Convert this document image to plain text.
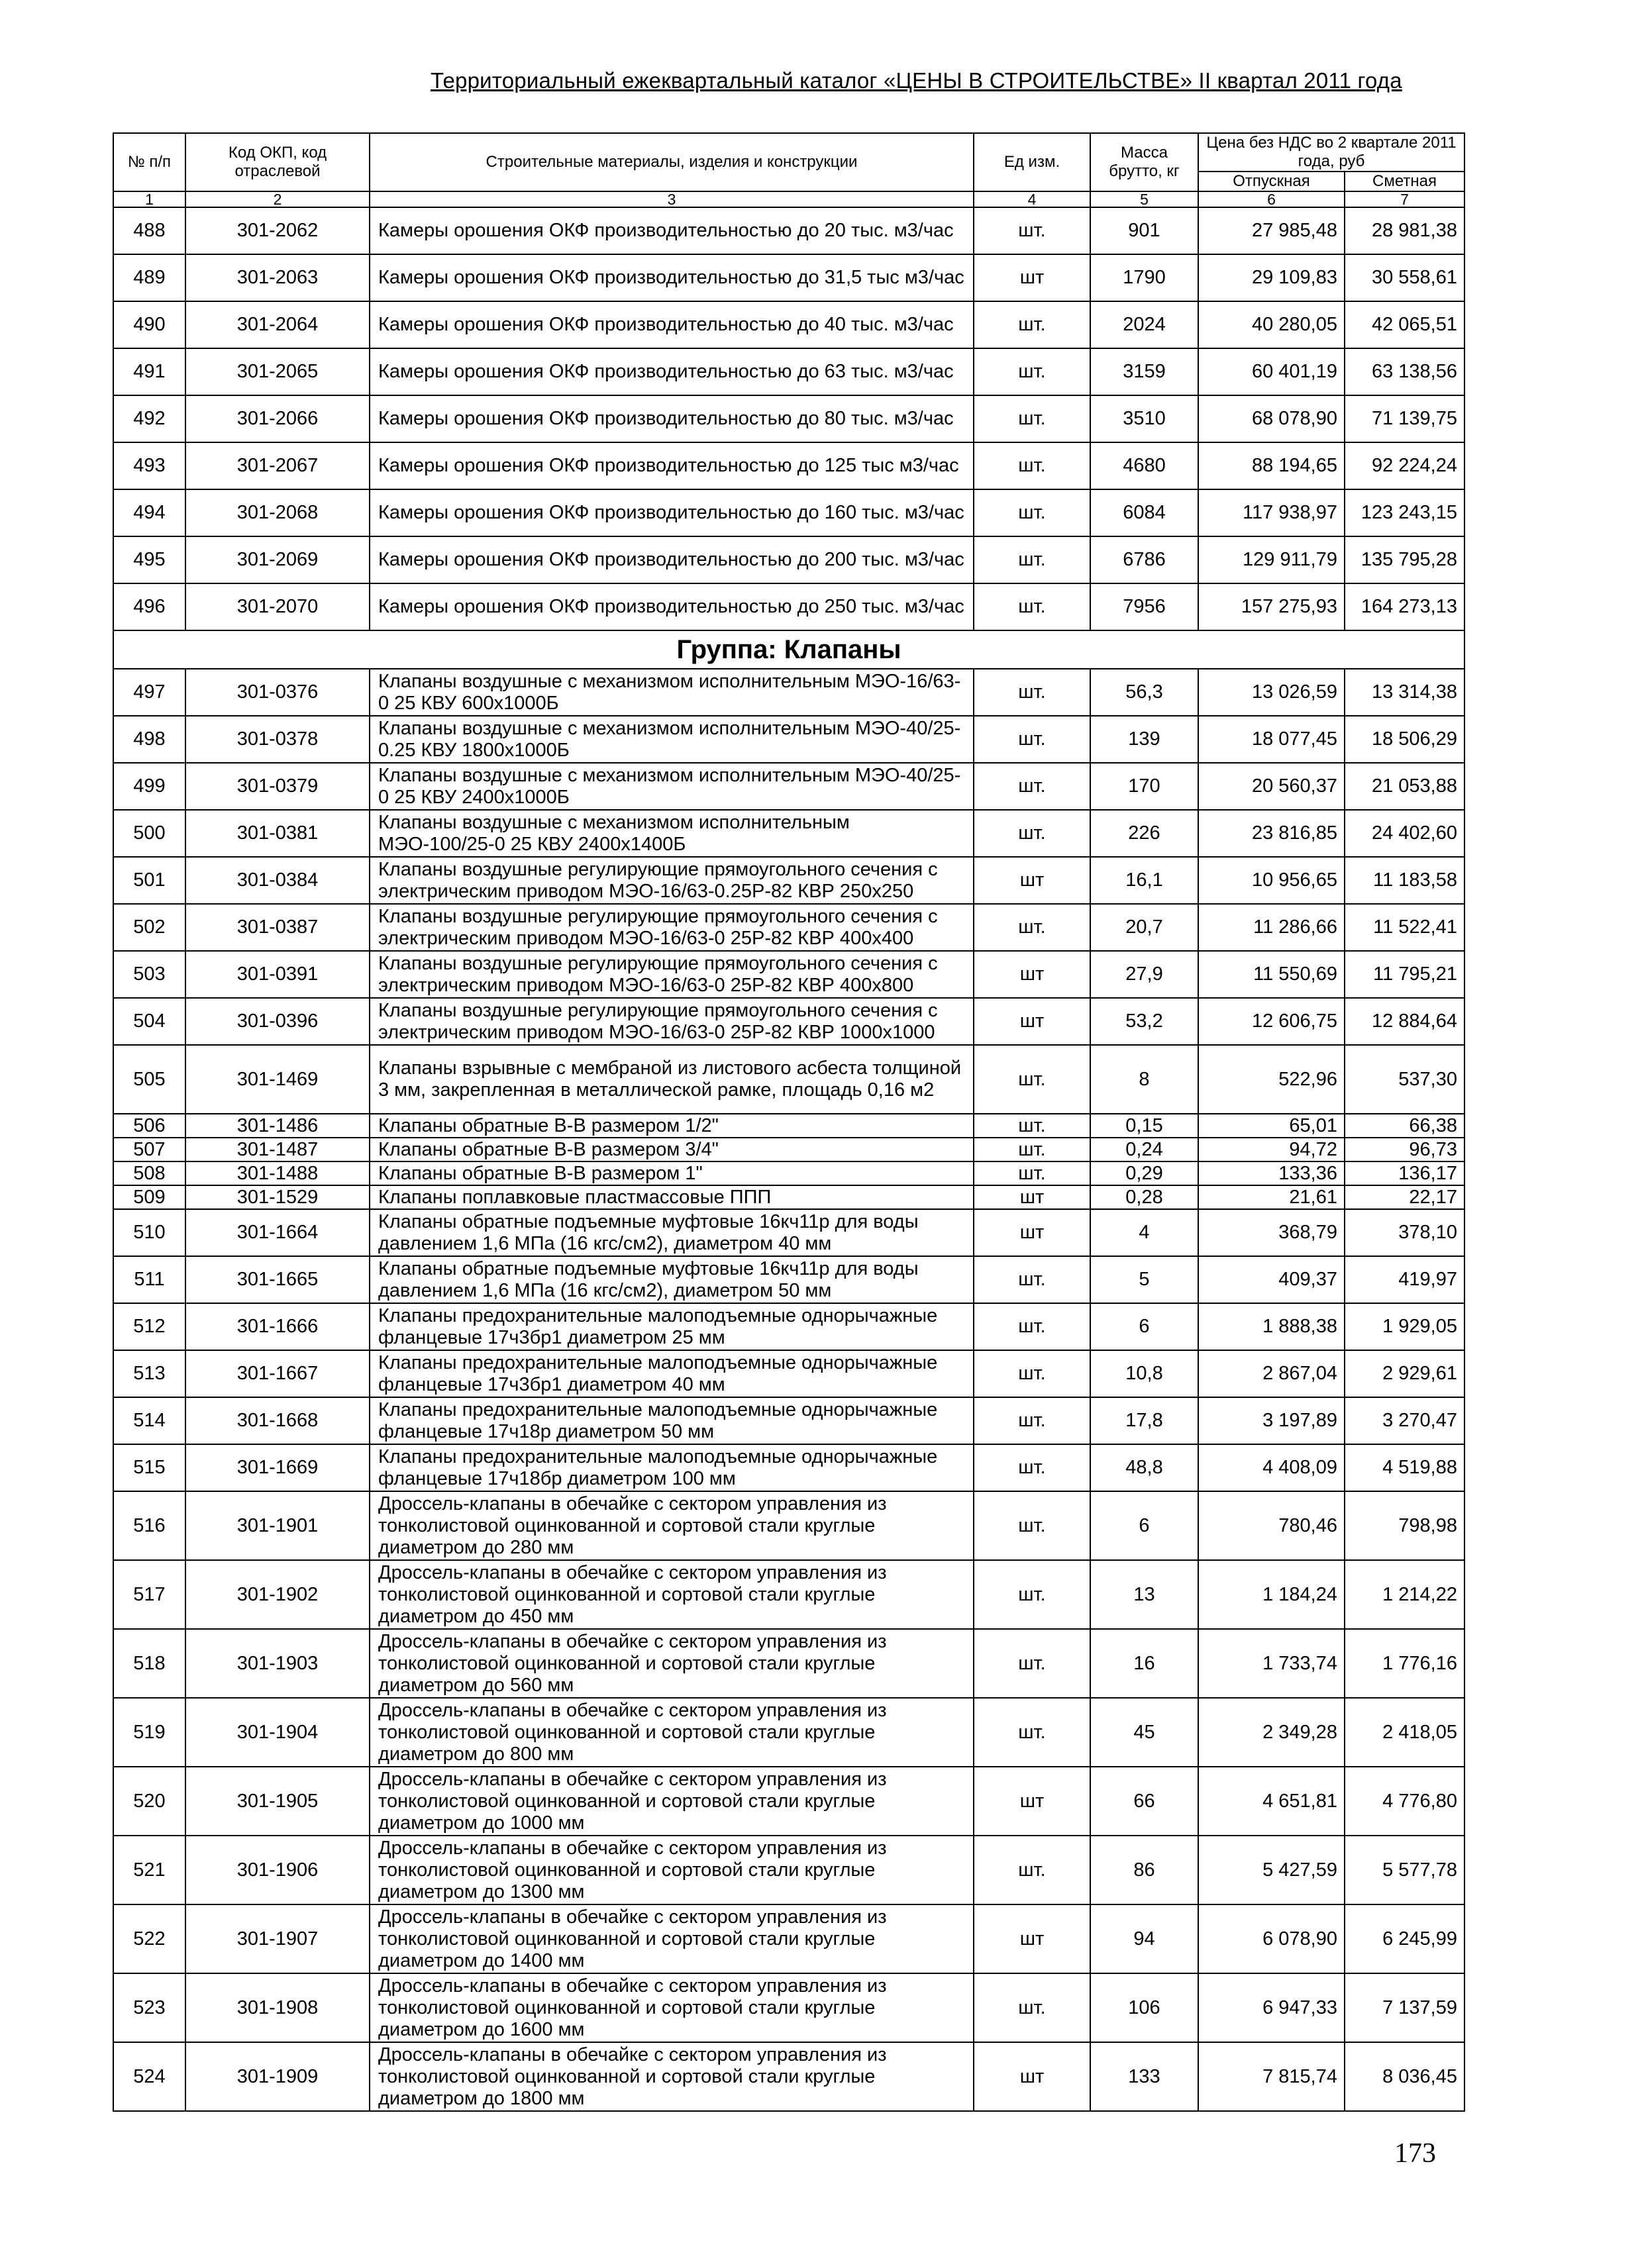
Территориальный ежеквартальный каталог «ЦЕНЫ В СТРОИТЕЛЬСТВЕ» II квартал 2011 года
№ п/п	Код ОКП, код отраслевой	Строительные материалы, изделия и конструкции	Ед изм.	Масса брутто, кг	Цена без НДС во 2 квартале 2011 года, руб	
					Отпускная	Сметная
1	2	3	4	5	6	7
488	301-2062	Камеры орошения ОКФ производительностью до 20 тыс. м3/час	шт.	901	27 985,48	28 981,38
489	301-2063	Камеры орошения ОКФ производительностью до 31,5 тыс м3/час	шт	1790	29 109,83	30 558,61
490	301-2064	Камеры орошения ОКФ производительностью до 40 тыс. м3/час	шт.	2024	40 280,05	42 065,51
491	301-2065	Камеры орошения ОКФ производительностью до 63 тыс. м3/час	шт.	3159	60 401,19	63 138,56
492	301-2066	Камеры орошения ОКФ производительностью до 80 тыс. м3/час	шт.	3510	68 078,90	71 139,75
493	301-2067	Камеры орошения ОКФ производительностью до 125 тыс м3/час	шт.	4680	88 194,65	92 224,24
494	301-2068	Камеры орошения ОКФ производительностью до 160 тыс. м3/час	шт.	6084	117 938,97	123 243,15
495	301-2069	Камеры орошения ОКФ производительностью до 200 тыс. м3/час	шт.	6786	129 911,79	135 795,28
496	301-2070	Камеры орошения ОКФ производительностью до 250 тыс. м3/час	шт.	7956	157 275,93	164 273,13
Группа: Клапаны						
497	301-0376	Клапаны воздушные с механизмом исполнительным МЭО-16/63-0 25 КВУ 600х1000Б	шт.	56,3	13 026,59	13 314,38
498	301-0378	Клапаны воздушные с механизмом исполнительным МЭО-40/25-0.25 КВУ 1800х1000Б	шт.	139	18 077,45	18 506,29
499	301-0379	Клапаны воздушные с механизмом исполнительным МЭО-40/25-0 25 КВУ 2400х1000Б	шт.	170	20 560,37	21 053,88
500	301-0381	Клапаны воздушные с механизмом исполнительным МЭО-100/25-0 25 КВУ 2400х1400Б	шт.	226	23 816,85	24 402,60
501	301-0384	Клапаны воздушные регулирующие прямоугольного сечения с электрическим приводом МЭО-16/63-0.25Р-82 КВР 250х250	шт	16,1	10 956,65	11 183,58
502	301-0387	Клапаны воздушные регулирующие прямоугольного сечения с электрическим приводом МЭО-16/63-0 25Р-82 КВР 400х400	шт.	20,7	11 286,66	11 522,41
503	301-0391	Клапаны воздушные регулирующие прямоугольного сечения с электрическим приводом МЭО-16/63-0 25Р-82 КВР 400х800	шт	27,9	11 550,69	11 795,21
504	301-0396	Клапаны воздушные регулирующие прямоугольного сечения с электрическим приводом МЭО-16/63-0 25Р-82 КВР 1000х1000	шт	53,2	12 606,75	12 884,64
505	301-1469	Клапаны взрывные с мембраной из листового асбеста толщиной 3 мм, закрепленная в металлической рамке, площадь 0,16 м2	шт.	8	522,96	537,30
506	301-1486	Клапаны обратные В-В размером 1/2"	шт.	0,15	65,01	66,38
507	301-1487	Клапаны обратные В-В размером 3/4"	шт.	0,24	94,72	96,73
508	301-1488	Клапаны обратные В-В размером 1"	шт.	0,29	133,36	136,17
509	301-1529	Клапаны поплавковые пластмассовые ППП	шт	0,28	21,61	22,17
510	301-1664	Клапаны обратные подъемные муфтовые 16кч11р для воды давлением 1,6 МПа (16 кгс/см2), диаметром 40 мм	шт	4	368,79	378,10
511	301-1665	Клапаны обратные подъемные муфтовые 16кч11р для воды давлением 1,6 МПа (16 кгс/см2), диаметром 50 мм	шт.	5	409,37	419,97
512	301-1666	Клапаны предохранительные малоподъемные однорычажные фланцевые 17ч3бр1 диаметром 25 мм	шт.	6	1 888,38	1 929,05
513	301-1667	Клапаны предохранительные малоподъемные однорычажные фланцевые 17ч3бр1 диаметром 40 мм	шт.	10,8	2 867,04	2 929,61
514	301-1668	Клапаны предохранительные малоподъемные однорычажные фланцевые 17ч18р диаметром 50 мм	шт.	17,8	3 197,89	3 270,47
515	301-1669	Клапаны предохранительные малоподъемные однорычажные фланцевые 17ч18бр диаметром 100 мм	шт.	48,8	4 408,09	4 519,88
516	301-1901	Дроссель-клапаны в обечайке с сектором управления из тонколистовой оцинкованной и сортовой стали круглые диаметром до 280 мм	шт.	6	780,46	798,98
517	301-1902	Дроссель-клапаны в обечайке с сектором управления из тонколистовой оцинкованной и сортовой стали круглые диаметром до 450 мм	шт.	13	1 184,24	1 214,22
518	301-1903	Дроссель-клапаны в обечайке с сектором управления из тонколистовой оцинкованной и сортовой стали круглые диаметром до 560 мм	шт.	16	1 733,74	1 776,16
519	301-1904	Дроссель-клапаны в обечайке с сектором управления из тонколистовой оцинкованной и сортовой стали круглые диаметром до 800 мм	шт.	45	2 349,28	2 418,05
520	301-1905	Дроссель-клапаны в обечайке с сектором управления из тонколистовой оцинкованной и сортовой стали круглые диаметром до 1000 мм	шт	66	4 651,81	4 776,80
521	301-1906	Дроссель-клапаны в обечайке с сектором управления из тонколистовой оцинкованной и сортовой стали круглые диаметром до 1300 мм	шт.	86	5 427,59	5 577,78
522	301-1907	Дроссель-клапаны в обечайке с сектором управления из тонколистовой оцинкованной и сортовой стали круглые диаметром до 1400 мм	шт	94	6 078,90	6 245,99
523	301-1908	Дроссель-клапаны в обечайке с сектором управления из тонколистовой оцинкованной и сортовой стали круглые диаметром до 1600 мм	шт.	106	6 947,33	7 137,59
524	301-1909	Дроссель-клапаны в обечайке с сектором управления из тонколистовой оцинкованной и сортовой стали круглые диаметром до 1800 мм	шт	133	7 815,74	8 036,45
173
